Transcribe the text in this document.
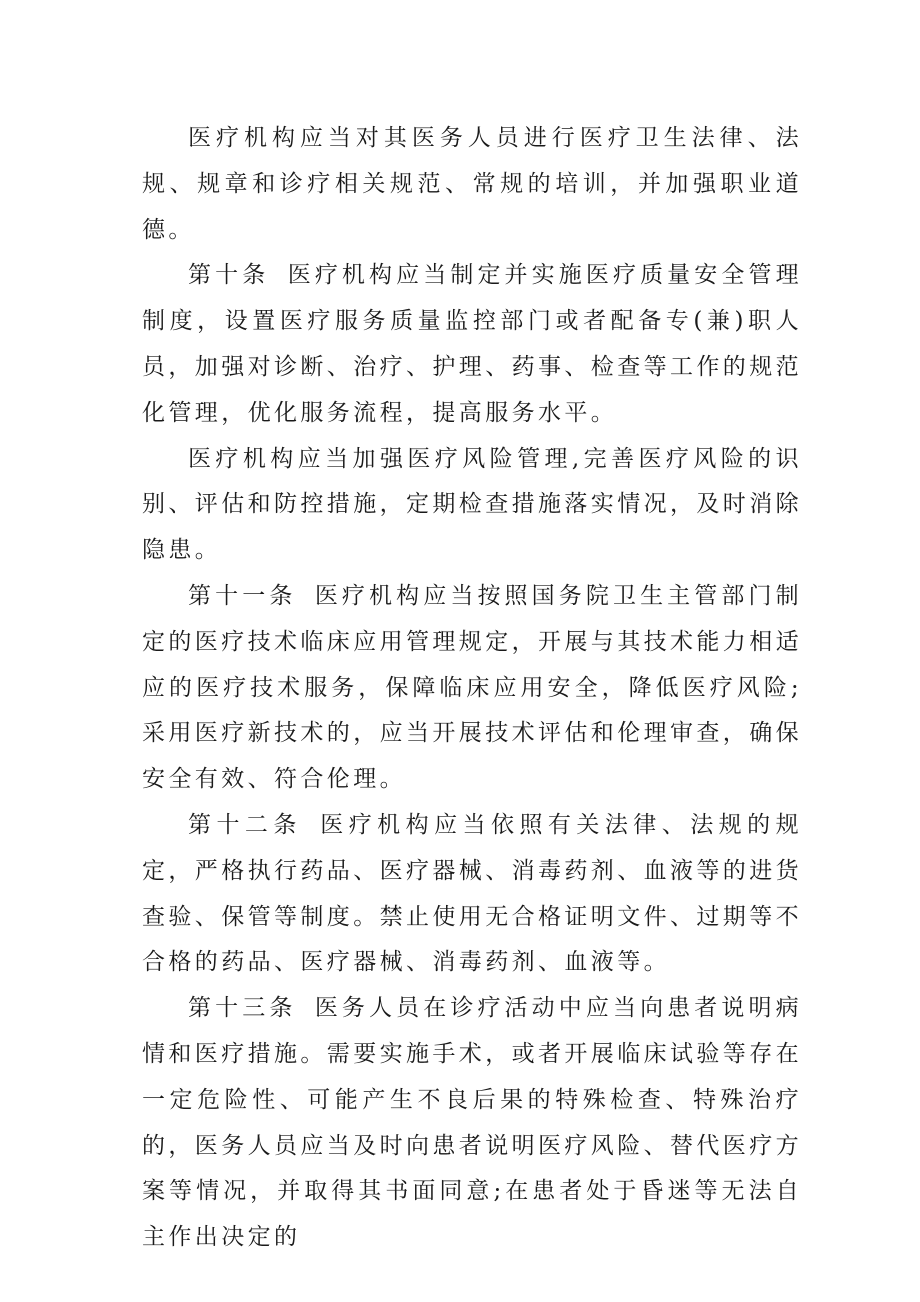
医疗机构应当对其医务人员进行医疗卫生法律、法规、规章和诊疗相关规范、常规的培训，并加强职业道德。

第十条 医疗机构应当制定并实施医疗质量安全管理制度，设置医疗服务质量监控部门或者配备专(兼)职人员，加强对诊断、治疗、护理、药事、检查等工作的规范化管理，优化服务流程，提高服务水平。

医疗机构应当加强医疗风险管理,完善医疗风险的识别、评估和防控措施，定期检查措施落实情况，及时消除隐患。

第十一条 医疗机构应当按照国务院卫生主管部门制定的医疗技术临床应用管理规定，开展与其技术能力相适应的医疗技术服务，保障临床应用安全，降低医疗风险;采用医疗新技术的，应当开展技术评估和伦理审查，确保安全有效、符合伦理。

第十二条 医疗机构应当依照有关法律、法规的规定，严格执行药品、医疗器械、消毒药剂、血液等的进货查验、保管等制度。禁止使用无合格证明文件、过期等不合格的药品、医疗器械、消毒药剂、血液等。

第十三条 医务人员在诊疗活动中应当向患者说明病情和医疗措施。需要实施手术，或者开展临床试验等存在一定危险性、可能产生不良后果的特殊检查、特殊治疗的，医务人员应当及时向患者说明医疗风险、替代医疗方案等情况，并取得其书面同意;在患者处于昏迷等无法自主作出决定的
